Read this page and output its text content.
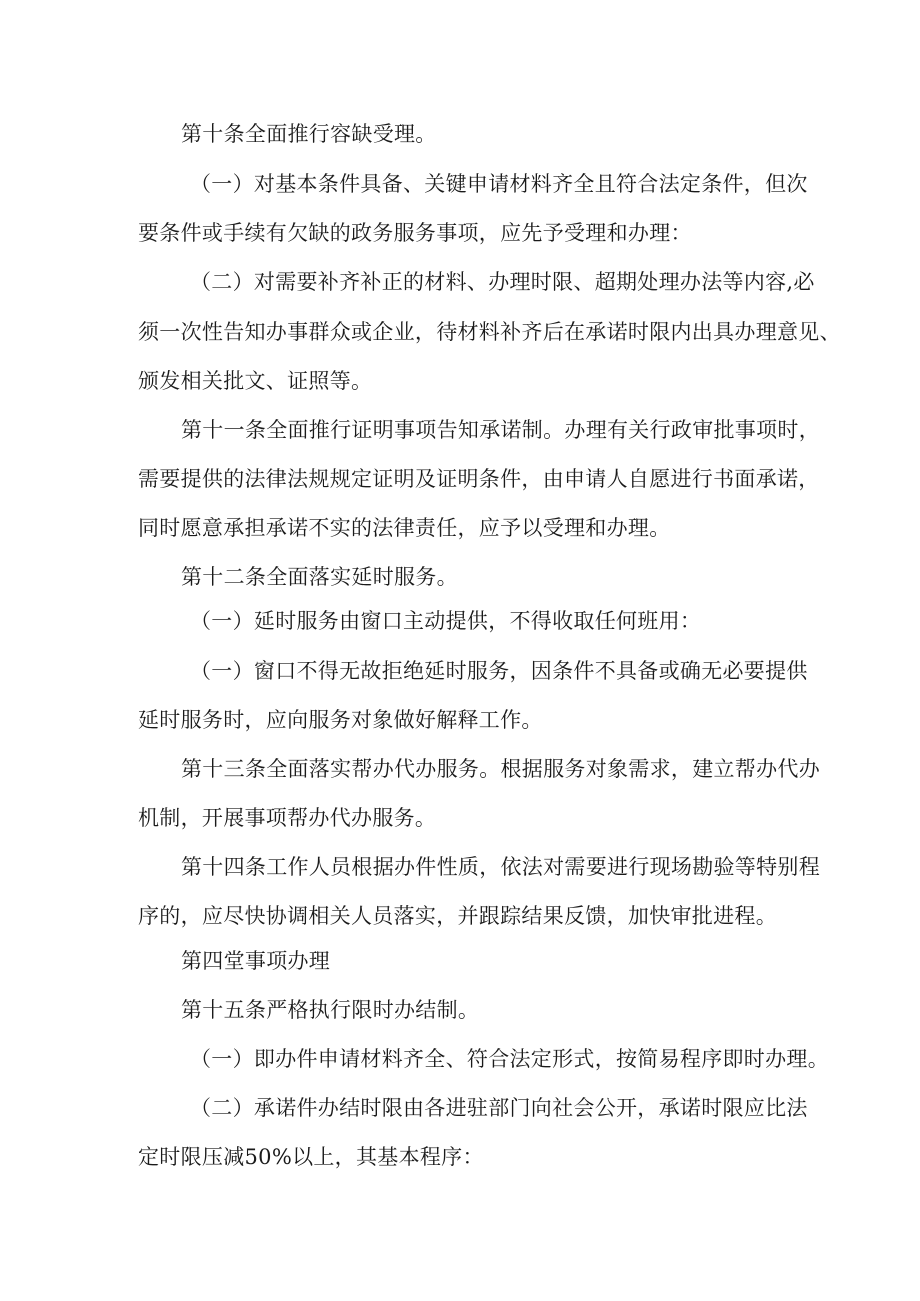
第十条全面推行容缺受理。
（一）对基本条件具备、关键申请材料齐全且符合法定条件，但次
要条件或手续有欠缺的政务服务事项，应先予受理和办理：
（二）对需要补齐补正的材料、办理时限、超期处理办法等内容,必
须一次性告知办事群众或企业，待材料补齐后在承诺时限内出具办理意见、
颁发相关批文、证照等。
第十一条全面推行证明事项告知承诺制。办理有关行政审批事项时，
需要提供的法律法规规定证明及证明条件，由申请人自愿进行书面承诺，
同时愿意承担承诺不实的法律责任，应予以受理和办理。
第十二条全面落实延时服务。
（一）延时服务由窗口主动提供，不得收取任何班用：
（一）窗口不得无故拒绝延时服务，因条件不具备或确无必要提供
延时服务时，应向服务对象做好解释工作。
第十三条全面落实帮办代办服务。根据服务对象需求，建立帮办代办
机制，开展事项帮办代办服务。
第十四条工作人员根据办件性质，依法对需要进行现场勘验等特别程
序的，应尽快协调相关人员落实，并跟踪结果反馈，加快审批进程。
第四堂事项办理
第十五条严格执行限时办结制。
（一）即办件申请材料齐全、符合法定形式，按简易程序即时办理。
（二）承诺件办结时限由各进驻部门向社会公开，承诺时限应比法
定时限压减50%以上，其基本程序：
